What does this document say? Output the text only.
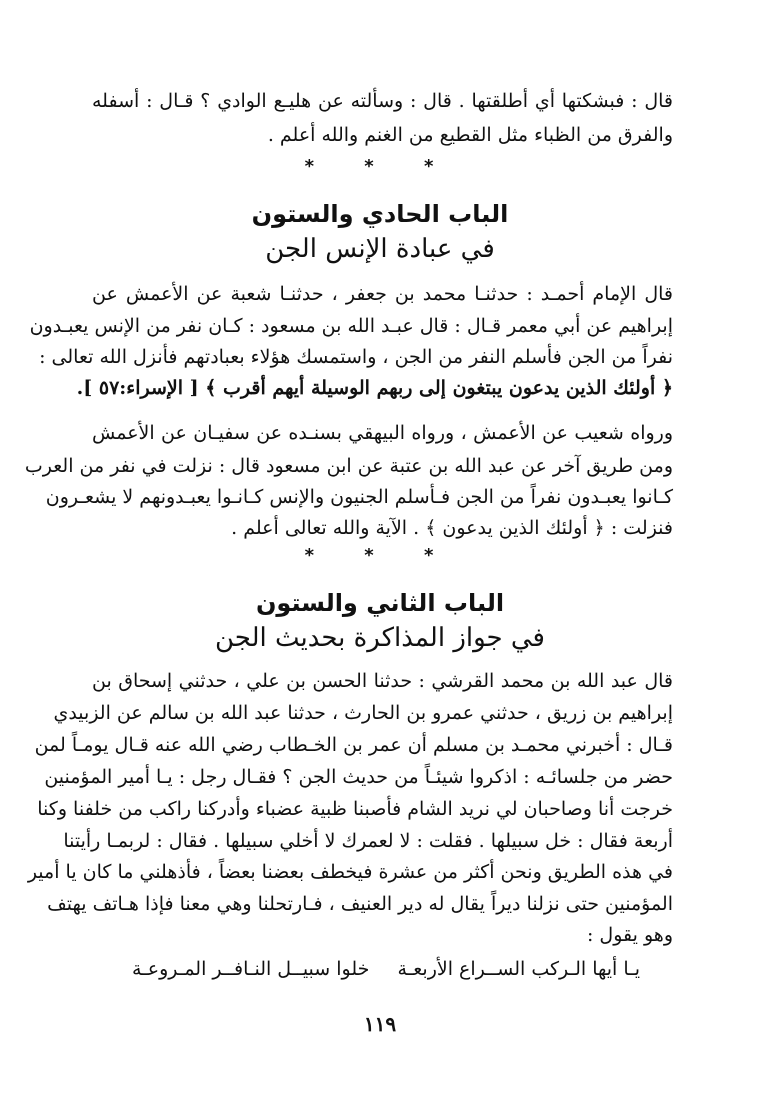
قال : فبشكتها أي أطلقتها . قال : وسألته عن هليـع الوادي ؟ قـال : أسفله
والفرق من الظباء مثل القطيع من الغنم والله أعلم .
* * *
الباب الحادي والستون
في عبادة الإنس الجن
قال الإمام أحمـد : حدثنـا محمد بن جعفر ، حدثنـا شعبة عن الأعمش عن
إبراهيم عن أبي معمر قـال : قال عبـد الله بن مسعود : كـان نفر من الإنس يعبـدون
نفراً من الجن فأسلم النفر من الجن ، واستمسك هؤلاء بعبادتهم فأنزل الله تعالى :
﴿ أولئك الذين يدعون يبتغون إلى ربهم الوسيلة أيهم أقرب ﴾ [ الإسراء:٥٧ ].
ورواه شعيب عن الأعمش ، ورواه البيهقي بسنـده عن سفيـان عن الأعمش
ومن طريق آخر عن عبد الله بن عتبة عن ابن مسعود قال : نزلت في نفر من العرب
كـانوا يعبـدون نفراً من الجن فـأسلم الجنيون والإنس كـانـوا يعبـدونهم لا يشعـرون
فنزلت : ﴿ أولئك الذين يدعون ﴾ . الآية والله تعالى أعلم .
* * *
الباب الثاني والستون
في جواز المذاكرة بحديث الجن
قال عبد الله بن محمد القرشي : حدثنا الحسن بن علي ، حدثني إسحاق بن
إبراهيم بن زريق ، حدثني عمرو بن الحارث ، حدثنا عبد الله بن سالم عن الزبيدي
قـال : أخبرني محمـد بن مسلم أن عمر بن الخـطاب رضي الله عنه قـال يومـاً لمن
حضر من جلسائـه : اذكروا شيئـاً من حديث الجن ؟ فقـال رجل : يـا أمير المؤمنين
خرجت أنا وصاحبان لي نريد الشام فأصبنا ظبية عضباء وأدركنا راكب من خلفنا وكنا
أربعة فقال : خل سبيلها . فقلت : لا لعمرك لا أخلي سبيلها . فقال : لربمـا رأيتنا
في هذه الطريق ونحن أكثر من عشرة فيخطف بعضنا بعضاً ، فأذهلني ما كان يا أمير
المؤمنين حتى نزلنا ديراً يقال له دير العنيف ، فـارتحلنا وهي معنا فإذا هـاتف يهتف
وهو يقول :
يـا أيها الـركب الســراع الأربعـة
خلوا سبيــل النـافــر المـروعـة
١١٩
